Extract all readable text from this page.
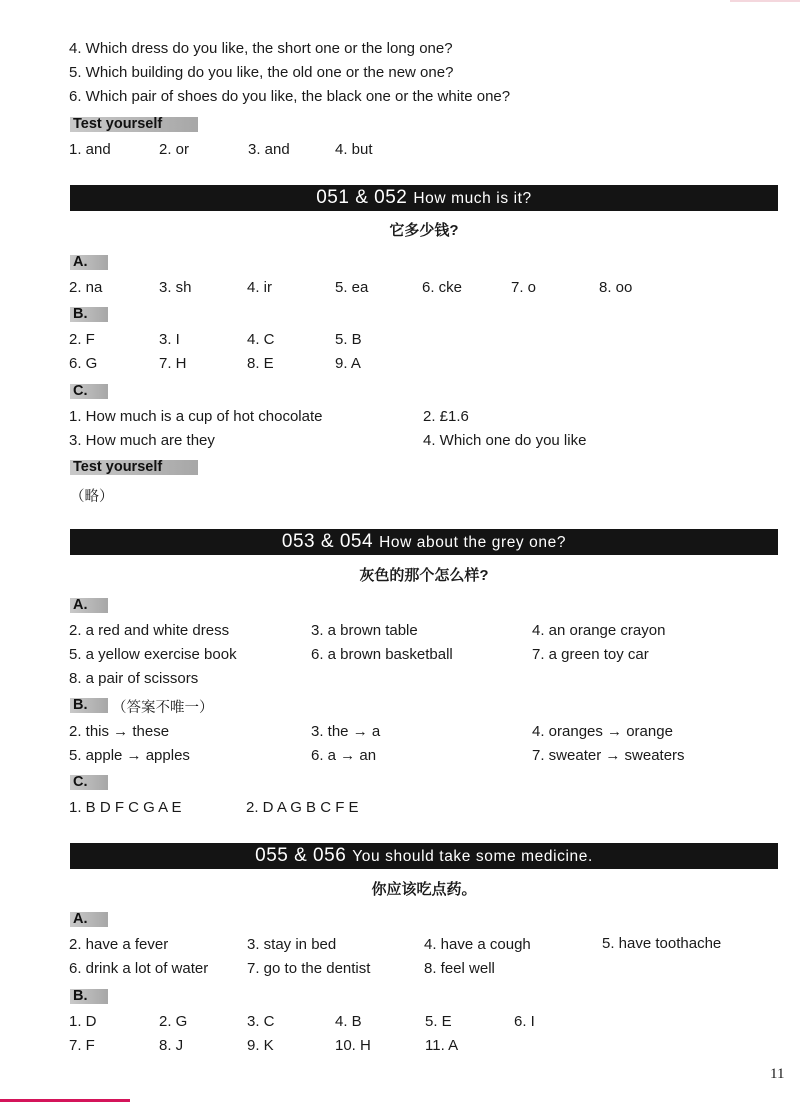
4. Which dress do you like, the short one or the long one?
5. Which building do you like, the old one or the new one?
6. Which pair of shoes do you like, the black one or the white one?
Test yourself
1. and	2. or	3. and	4. but
051 & 052 How much is it?
它多少钱?
A.
2. na	3. sh	4. ir	5. ea	6. cke	7. o	8. oo
B.
2. F	3. I	4. C	5. B
6. G	7. H	8. E	9. A
C.
1. How much is a cup of hot chocolate	2. £1.6
3. How much are they	4. Which one do you like
Test yourself
（略）
053 & 054 How about the grey one?
灰色的那个怎么样?
A.
2. a red and white dress	3. a brown table	4. an orange crayon
5. a yellow exercise book	6. a brown basketball	7. a green toy car
8. a pair of scissors
B.	（答案不唯一）
2. this → these	3. the → a	4. oranges → orange
5. apple → apples	6. a → an	7. sweater → sweaters
C.
1. B D F C G A E	2. D A G B C F E
055 & 056 You should take some medicine.
你应该吃点药。
A.
2. have a fever	3. stay in bed	4. have a cough	5. have toothache
6. drink a lot of water	7. go to the dentist	8. feel well
B.
1. D	2. G	3. C	4. B	5. E	6. I
7. F	8. J	9. K	10. H	11. A
11
